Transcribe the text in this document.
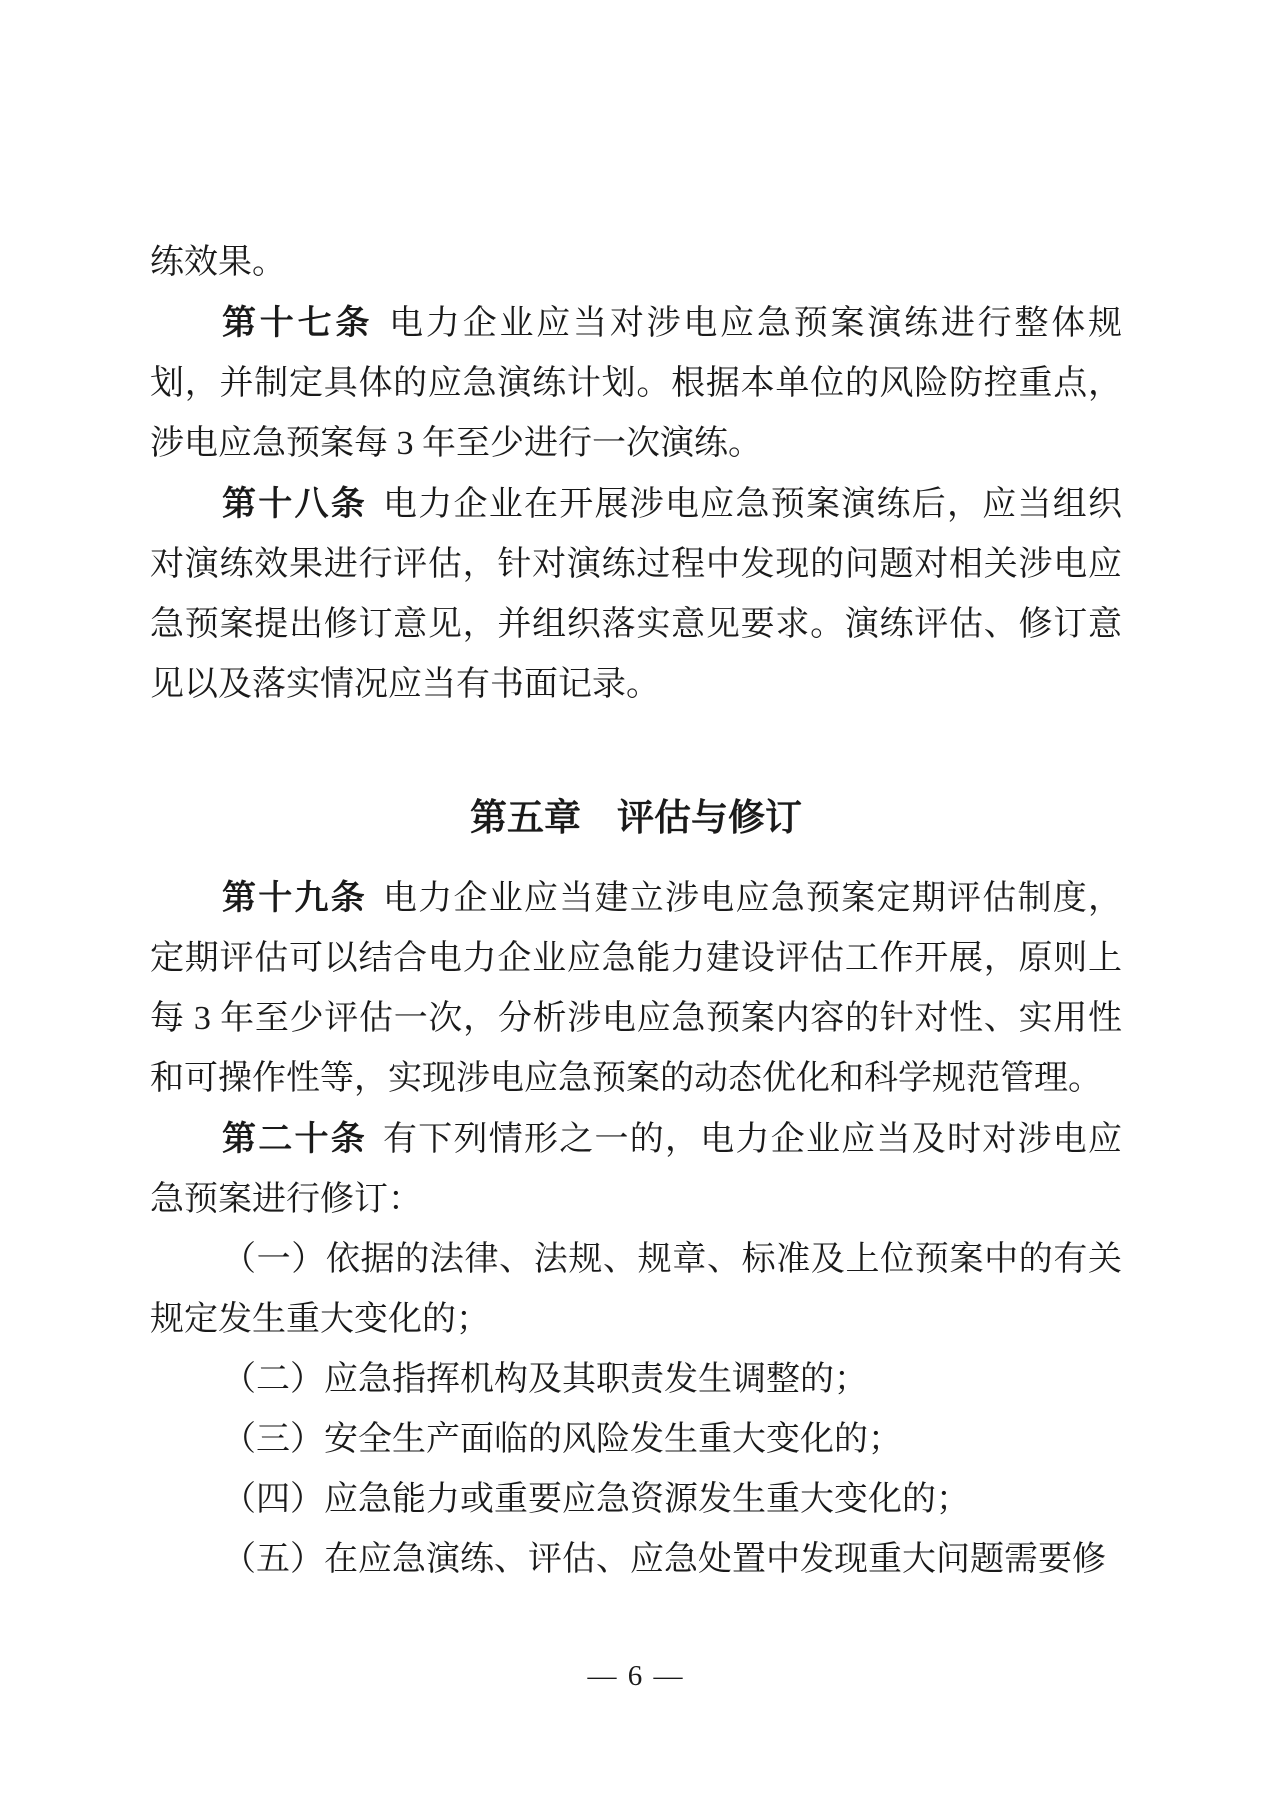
练效果。
第十七条 电力企业应当对涉电应急预案演练进行整体规
划，并制定具体的应急演练计划。根据本单位的风险防控重点，
涉电应急预案每 3 年至少进行一次演练。
第十八条 电力企业在开展涉电应急预案演练后，应当组织
对演练效果进行评估，针对演练过程中发现的问题对相关涉电应
急预案提出修订意见，并组织落实意见要求。演练评估、修订意
见以及落实情况应当有书面记录。
第五章 评估与修订
第十九条 电力企业应当建立涉电应急预案定期评估制度，
定期评估可以结合电力企业应急能力建设评估工作开展，原则上
每 3 年至少评估一次，分析涉电应急预案内容的针对性、实用性
和可操作性等，实现涉电应急预案的动态优化和科学规范管理。
第二十条 有下列情形之一的，电力企业应当及时对涉电应
急预案进行修订：
（一）依据的法律、法规、规章、标准及上位预案中的有关
规定发生重大变化的；
（二）应急指挥机构及其职责发生调整的；
（三）安全生产面临的风险发生重大变化的；
（四）应急能力或重要应急资源发生重大变化的；
（五）在应急演练、评估、应急处置中发现重大问题需要修
— 6 —
